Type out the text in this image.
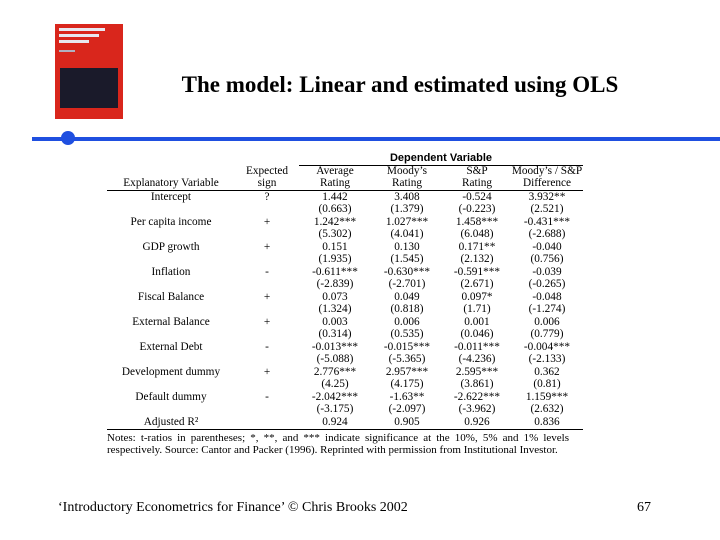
The model: Linear and estimated using OLS
		Dependent Variable			
	Expected	Average	Moody’s	S&P	Moody’s / S&P
Explanatory Variable	sign	Rating	Rating	Rating	Difference
Intercept	?	1.442	3.408	-0.524	3.932**
		(0.663)	(1.379)	(-0.223)	(2.521)
Per capita income	+	1.242***	1.027***	1.458***	-0.431***
		(5.302)	(4.041)	(6.048)	(-2.688)
GDP growth	+	0.151	0.130	0.171**	-0.040
		(1.935)	(1.545)	(2.132)	(0.756)
Inflation	-	-0.611***	-0.630***	-0.591***	-0.039
		(-2.839)	(-2.701)	(2.671)	(-0.265)
Fiscal Balance	+	0.073	0.049	0.097*	-0.048
		(1.324)	(0.818)	(1.71)	(-1.274)
External Balance	+	0.003	0.006	0.001	0.006
		(0.314)	(0.535)	(0.046)	(0.779)
External Debt	-	-0.013***	-0.015***	-0.011***	-0.004***
		(-5.088)	(-5.365)	(-4.236)	(-2.133)
Development dummy	+	2.776***	2.957***	2.595***	0.362
		(4.25)	(4.175)	(3.861)	(0.81)
Default dummy	-	-2.042***	-1.63**	-2.622***	1.159***
		(-3.175)	(-2.097)	(-3.962)	(2.632)
Adjusted R²		0.924	0.905	0.926	0.836
Notes: t-ratios in parentheses; *, **, and *** indicate significance at the 10%, 5% and 1% levels respectively. Source: Cantor and Packer (1996). Reprinted with permission from Institutional Investor.
‘Introductory Econometrics for Finance’ © Chris Brooks 2002	67
